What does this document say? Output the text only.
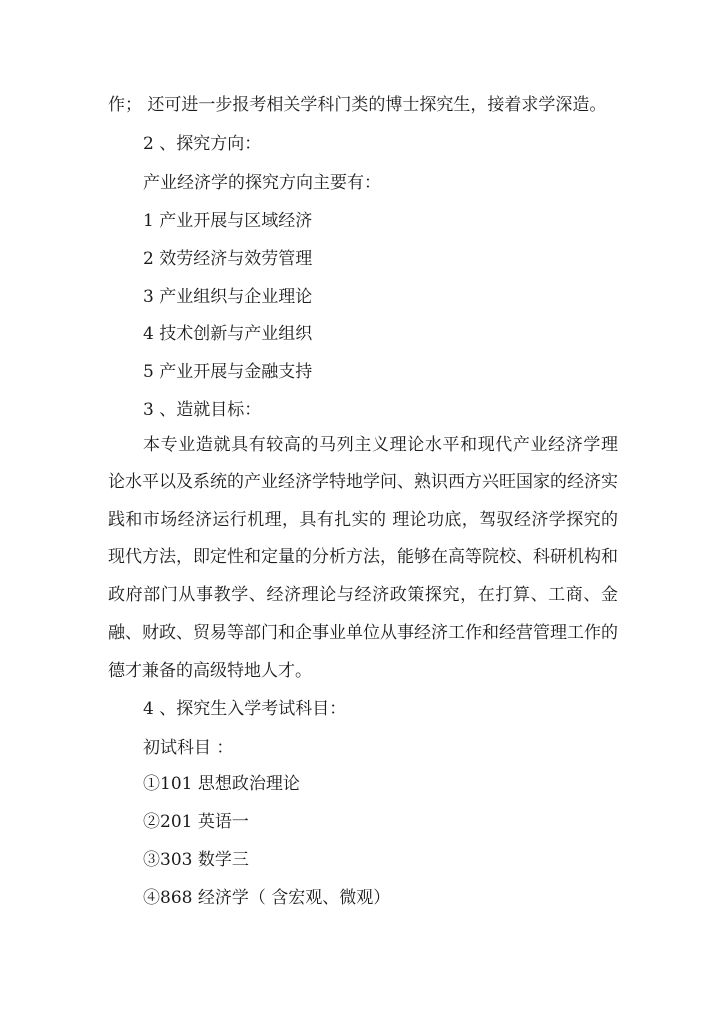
作； 还可进一步报考相关学科门类的博士探究生，接着求学深造。
2 、探究方向：
产业经济学的探究方向主要有：
1 产业开展与区域经济
2 效劳经济与效劳管理
3 产业组织与企业理论
4 技术创新与产业组织
5 产业开展与金融支持
3 、造就目标：
本专业造就具有较高的马列主义理论水平和现代产业经济学理
论水平以及系统的产业经济学特地学问、熟识西方兴旺国家的经济实
践和市场经济运行机理，具有扎实的 理论功底，驾驭经济学探究的
现代方法，即定性和定量的分析方法，能够在高等院校、科研机构和
政府部门从事教学、经济理论与经济政策探究，在打算、工商、金
融、财政、贸易等部门和企事业单位从事经济工作和经营管理工作的
德才兼备的高级特地人才。
4 、探究生入学考试科目：
初试科目 ：
①101 思想政治理论
②201 英语一
③303 数学三
④868 经济学（ 含宏观、微观）
